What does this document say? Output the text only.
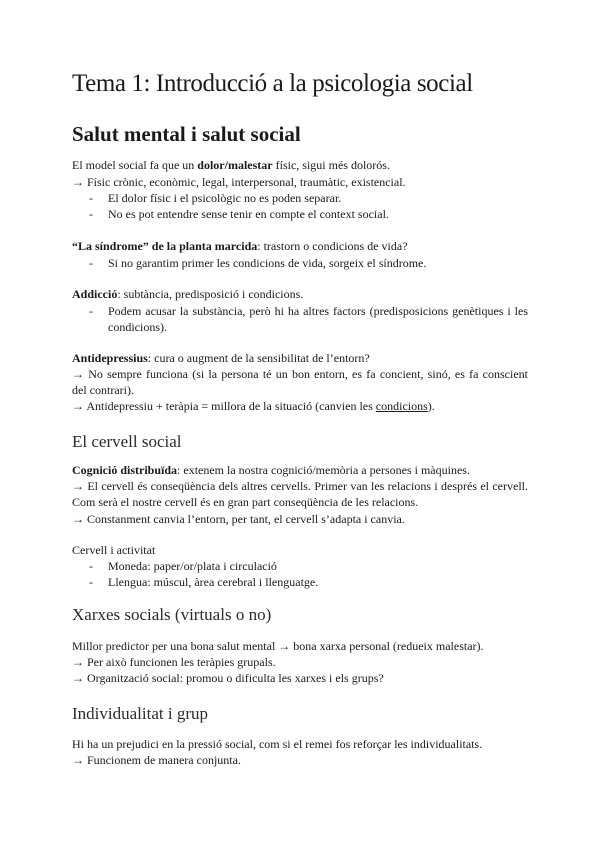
Tema 1: Introducció a la psicologia social
Salut mental i salut social
El model social fa que un dolor/malestar físic, sigui més dolorós.
→ Físic crònic, econòmic, legal, interpersonal, traumàtic, existencial.
- El dolor físic i el psicològic no es poden separar.
- No es pot entendre sense tenir en compte el context social.
“La síndrome” de la planta marcida: trastorn o condicions de vida?
- Si no garantim primer les condicions de vida, sorgeix el síndrome.
Addicció: subtància, predisposició i condicions.
- Podem acusar la substància, però hi ha altres factors (predisposicions genètiques i les
condicions).
Antidepressius: cura o augment de la sensibilitat de l’entorn?
→ No sempre funciona (si la persona té un bon entorn, es fa concient, sinó, es fa conscient
del contrari).
→ Antidepressiu + teràpia = millora de la situació (canvien les condicions).
El cervell social
Cognició distribuïda: extenem la nostra cognició/memòria a persones i màquines.
→ El cervell és conseqüència dels altres cervells. Primer van les relacions i després el cervell.
Com serà el nostre cervell és en gran part conseqüència de les relacions.
→ Constanment canvia l’entorn, per tant, el cervell s’adapta i canvia.
Cervell i activitat
- Moneda: paper/or/plata i circulació
- Llengua: múscul, àrea cerebral i llenguatge.
Xarxes socials (virtuals o no)
Millor predictor per una bona salut mental → bona xarxa personal (redueix malestar).
→ Per això funcionen les teràpies grupals.
→ Organització social: promou o dificulta les xarxes i els grups?
Individualitat i grup
Hi ha un prejudici en la pressió social, com si el remei fos reforçar les individualitats.
→ Funcionem de manera conjunta.
